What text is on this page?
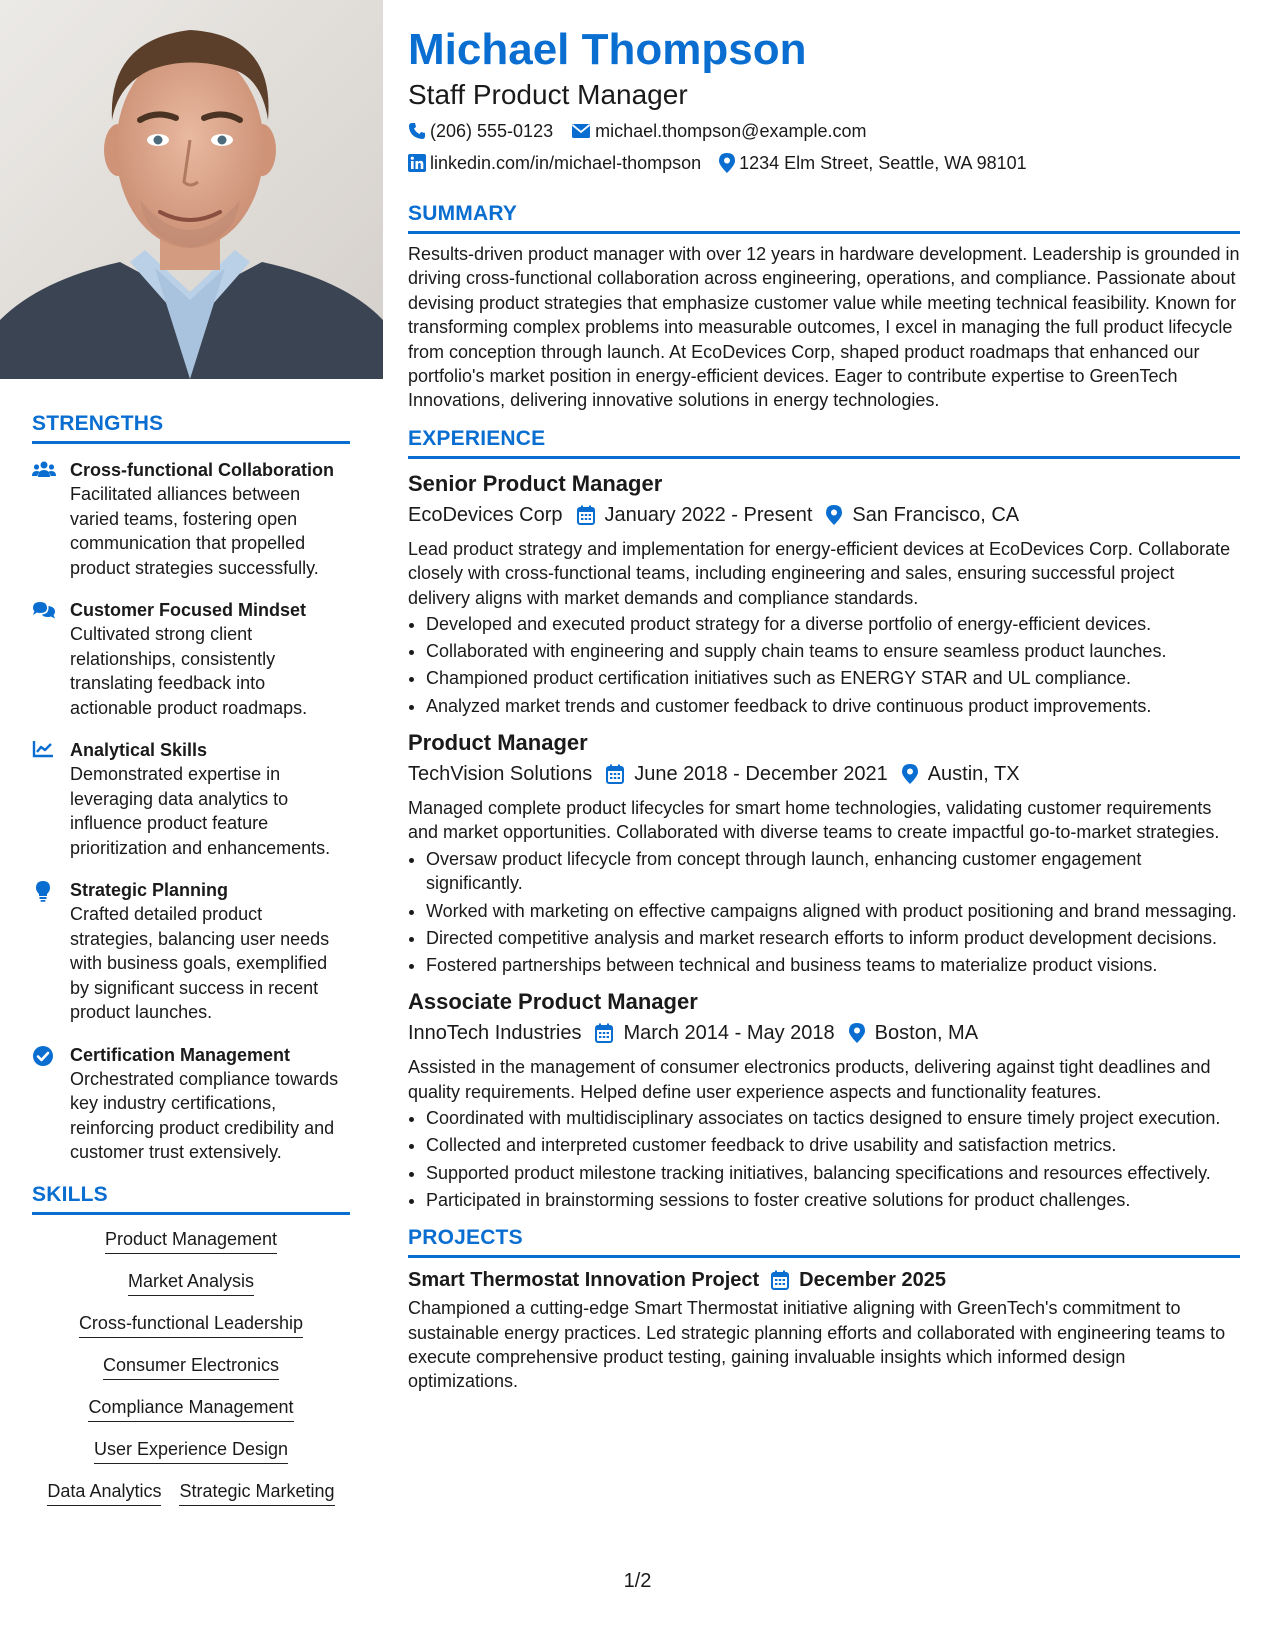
STRENGTHS
Cross-functional Collaboration
Facilitated alliances between varied teams, fostering open communication that propelled product strategies successfully.
Customer Focused Mindset
Cultivated strong client relationships, consistently translating feedback into actionable product roadmaps.
Analytical Skills
Demonstrated expertise in leveraging data analytics to influence product feature prioritization and enhancements.
Strategic Planning
Crafted detailed product strategies, balancing user needs with business goals, exemplified by significant success in recent product launches.
Certification Management
Orchestrated compliance towards key industry certifications, reinforcing product credibility and customer trust extensively.
SKILLS
Product Management
Market Analysis
Cross-functional Leadership
Consumer Electronics
Compliance Management
User Experience Design
Data Analytics Strategic Marketing
Michael Thompson
Staff Product Manager
(206) 555-0123 michael.thompson@example.com
linkedin.com/in/michael-thompson 1234 Elm Street, Seattle, WA 98101
SUMMARY

Results-driven product manager with over 12 years in hardware development. Leadership is grounded in driving cross-functional collaboration across engineering, operations, and compliance. Passionate about devising product strategies that emphasize customer value while meeting technical feasibility. Known for transforming complex problems into measurable outcomes, I excel in managing the full product lifecycle from conception through launch. At EcoDevices Corp, shaped product roadmaps that enhanced our portfolio's market position in energy-efficient devices. Eager to contribute expertise to GreenTech Innovations, delivering innovative solutions in energy technologies.

EXPERIENCE
Senior Product Manager
EcoDevices Corp January 2022 - Present San Francisco, CA

Lead product strategy and implementation for energy-efficient devices at EcoDevices Corp. Collaborate closely with cross-functional teams, including engineering and sales, ensuring successful project delivery aligns with market demands and compliance standards.

• Developed and executed product strategy for a diverse portfolio of energy-efficient devices.
• Collaborated with engineering and supply chain teams to ensure seamless product launches.
• Championed product certification initiatives such as ENERGY STAR and UL compliance.
• Analyzed market trends and customer feedback to drive continuous product improvements.
Product Manager
TechVision Solutions June 2018 - December 2021 Austin, TX

Managed complete product lifecycles for smart home technologies, validating customer requirements and market opportunities. Collaborated with diverse teams to create impactful go-to-market strategies.

• Oversaw product lifecycle from concept through launch, enhancing customer engagement significantly.
• Worked with marketing on effective campaigns aligned with product positioning and brand messaging.
• Directed competitive analysis and market research efforts to inform product development decisions.
• Fostered partnerships between technical and business teams to materialize product visions.
Associate Product Manager
InnoTech Industries March 2014 - May 2018 Boston, MA

Assisted in the management of consumer electronics products, delivering against tight deadlines and quality requirements. Helped define user experience aspects and functionality features.

• Coordinated with multidisciplinary associates on tactics designed to ensure timely project execution.
• Collected and interpreted customer feedback to drive usability and satisfaction metrics.
• Supported product milestone tracking initiatives, balancing specifications and resources effectively.
• Participated in brainstorming sessions to foster creative solutions for product challenges.
PROJECTS
Smart Thermostat Innovation Project December 2025

Championed a cutting-edge Smart Thermostat initiative aligning with GreenTech's commitment to sustainable energy practices. Led strategic planning efforts and collaborated with engineering teams to execute comprehensive product testing, gaining invaluable insights which informed design optimizations.

1/2
